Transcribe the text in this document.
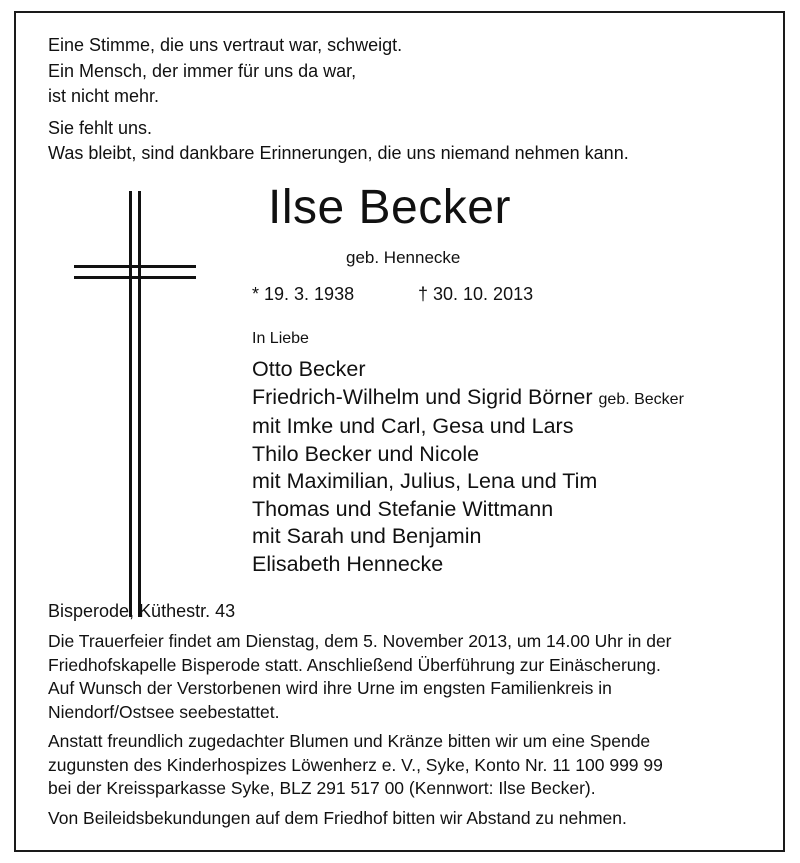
Eine Stimme, die uns vertraut war, schweigt.
Ein Mensch, der immer für uns da war,
ist nicht mehr.
Sie fehlt uns.
Was bleibt, sind dankbare Erinnerungen, die uns niemand nehmen kann.
Ilse Becker
geb. Hennecke
* 19. 3. 1938	† 30. 10. 2013
In Liebe
Otto Becker
Friedrich-Wilhelm und Sigrid Börner geb. Becker
mit Imke und Carl, Gesa und Lars
Thilo Becker und Nicole
mit Maximilian, Julius, Lena und Tim
Thomas und Stefanie Wittmann
mit Sarah und Benjamin
Elisabeth Hennecke
Bisperode, Küthestr. 43
Die Trauerfeier findet am Dienstag, dem 5. November 2013, um 14.00 Uhr in der
Friedhofskapelle Bisperode statt. Anschließend Überführung zur Einäscherung.
Auf Wunsch der Verstorbenen wird ihre Urne im engsten Familienkreis in
Niendorf/Ostsee seebestattet.
Anstatt freundlich zugedachter Blumen und Kränze bitten wir um eine Spende
zugunsten des Kinderhospizes Löwenherz e. V., Syke, Konto Nr. 11 100 999 99
bei der Kreissparkasse Syke, BLZ 291 517 00 (Kennwort: Ilse Becker).
Von Beileidsbekundungen auf dem Friedhof bitten wir Abstand zu nehmen.
